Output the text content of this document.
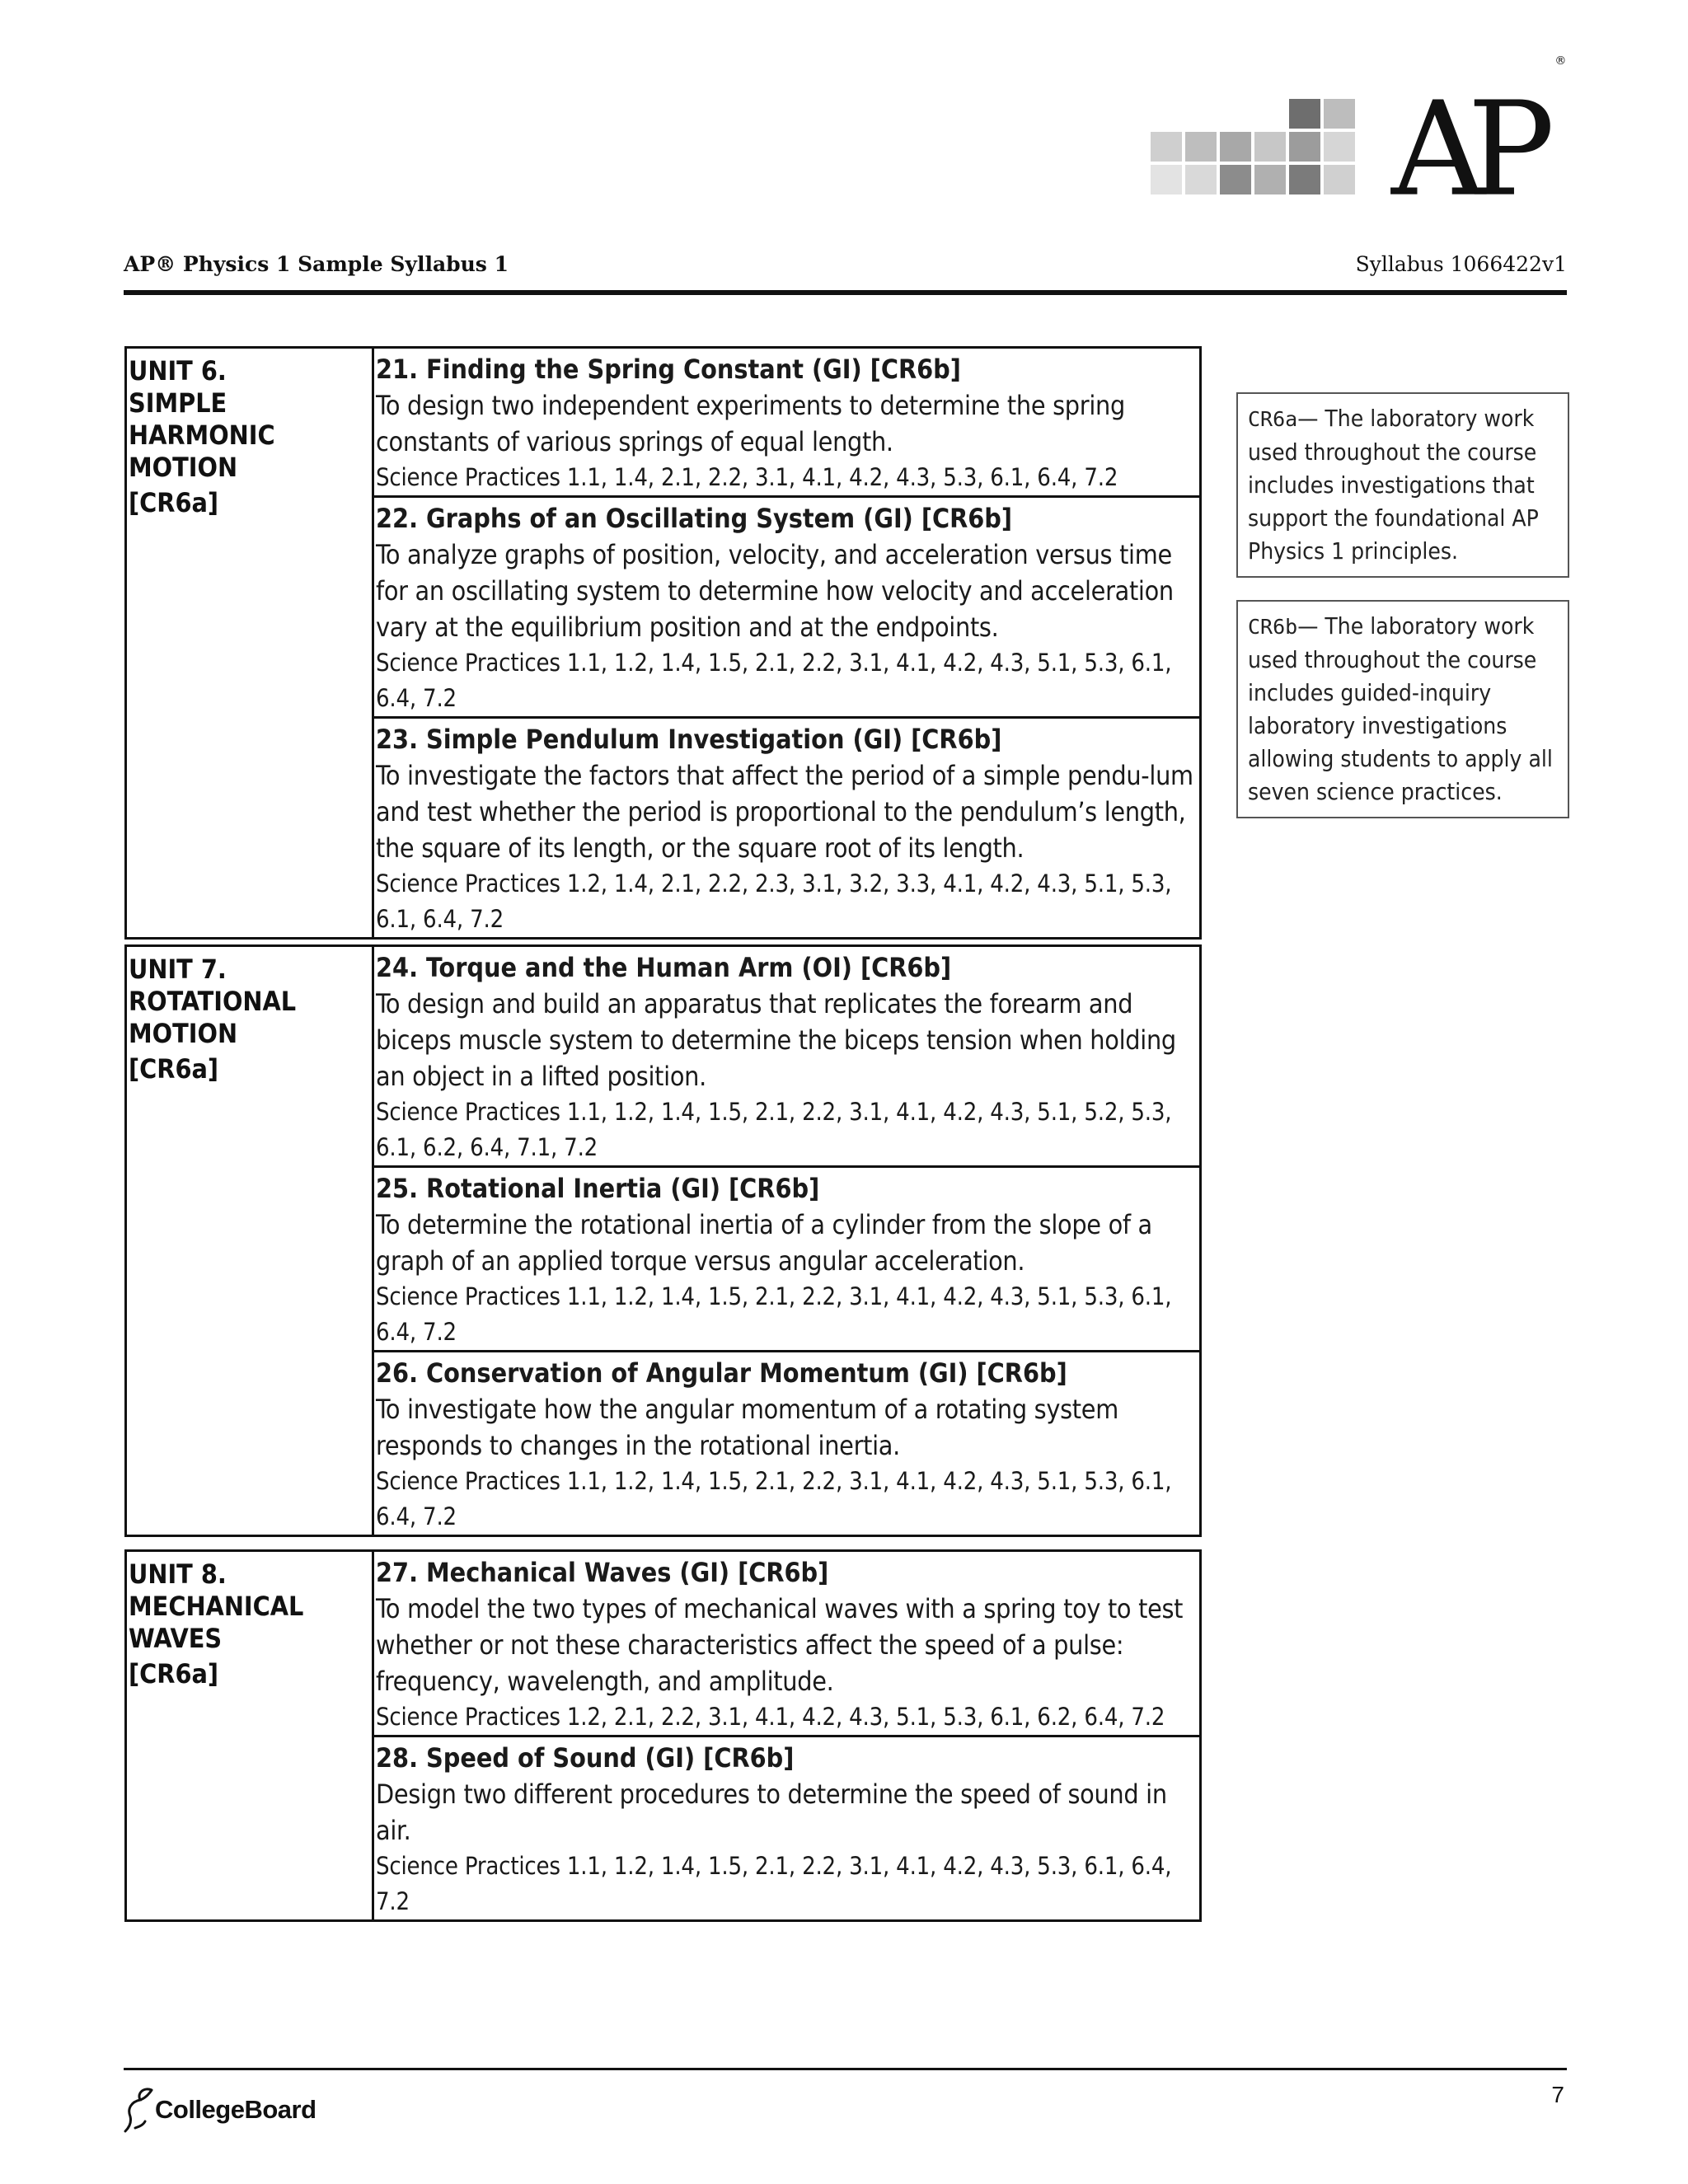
AP
AP® Physics 1 Sample Syllabus 1	Syllabus 1066422v1
UNIT 6.
SIMPLE HARMONIC
MOTION
[CR6a]
21. Finding the Spring Constant (GI) [CR6b]
To design two independent experiments to determine the spring constants of various springs of equal length.
Science Practices 1.1, 1.4, 2.1, 2.2, 3.1, 4.1, 4.2, 4.3, 5.3, 6.1, 6.4, 7.2
22. Graphs of an Oscillating System (GI) [CR6b]
To analyze graphs of position, velocity, and acceleration versus time for an oscillating system to determine how velocity and acceleration vary at the equilibrium position and at the endpoints.
Science Practices 1.1, 1.2, 1.4, 1.5, 2.1, 2.2, 3.1, 4.1, 4.2, 4.3, 5.1, 5.3, 6.1, 6.4, 7.2
23. Simple Pendulum Investigation (GI) [CR6b]
To investigate the factors that affect the period of a simple pendu-lum and test whether the period is proportional to the pendulum’s length, the square of its length, or the square root of its length.
Science Practices 1.2, 1.4, 2.1, 2.2, 2.3, 3.1, 3.2, 3.3, 4.1, 4.2, 4.3, 5.1, 5.3, 6.1, 6.4, 7.2
UNIT 7.
ROTATIONAL
MOTION
[CR6a]
24. Torque and the Human Arm (OI) [CR6b]
To design and build an apparatus that replicates the forearm and biceps muscle system to determine the biceps tension when holding an object in a lifted position.
Science Practices 1.1, 1.2, 1.4, 1.5, 2.1, 2.2, 3.1, 4.1, 4.2, 4.3, 5.1, 5.2, 5.3, 6.1, 6.2, 6.4, 7.1, 7.2
25. Rotational Inertia (GI) [CR6b]
To determine the rotational inertia of a cylinder from the slope of a graph of an applied torque versus angular acceleration.
Science Practices 1.1, 1.2, 1.4, 1.5, 2.1, 2.2, 3.1, 4.1, 4.2, 4.3, 5.1, 5.3, 6.1, 6.4, 7.2
26. Conservation of Angular Momentum (GI) [CR6b]
To investigate how the angular momentum of a rotating system responds to changes in the rotational inertia.
Science Practices 1.1, 1.2, 1.4, 1.5, 2.1, 2.2, 3.1, 4.1, 4.2, 4.3, 5.1, 5.3, 6.1, 6.4, 7.2
UNIT 8.
MECHANICAL
WAVES
[CR6a]
27. Mechanical Waves (GI) [CR6b]
To model the two types of mechanical waves with a spring toy to test whether or not these characteristics affect the speed of a pulse: frequency, wavelength, and amplitude.
Science Practices 1.2, 2.1, 2.2, 3.1, 4.1, 4.2, 4.3, 5.1, 5.3, 6.1, 6.2, 6.4, 7.2
28. Speed of Sound (GI) [CR6b]
Design two different procedures to determine the speed of sound in air.
Science Practices 1.1, 1.2, 1.4, 1.5, 2.1, 2.2, 3.1, 4.1, 4.2, 4.3, 5.3, 6.1, 6.4, 7.2
CR6a— The laboratory work used throughout the course includes investigations that support the foundational AP Physics 1 principles.
CR6b— The laboratory work used throughout the course includes guided-inquiry laboratory investigations allowing students to apply all seven science practices.
CollegeBoard
7
